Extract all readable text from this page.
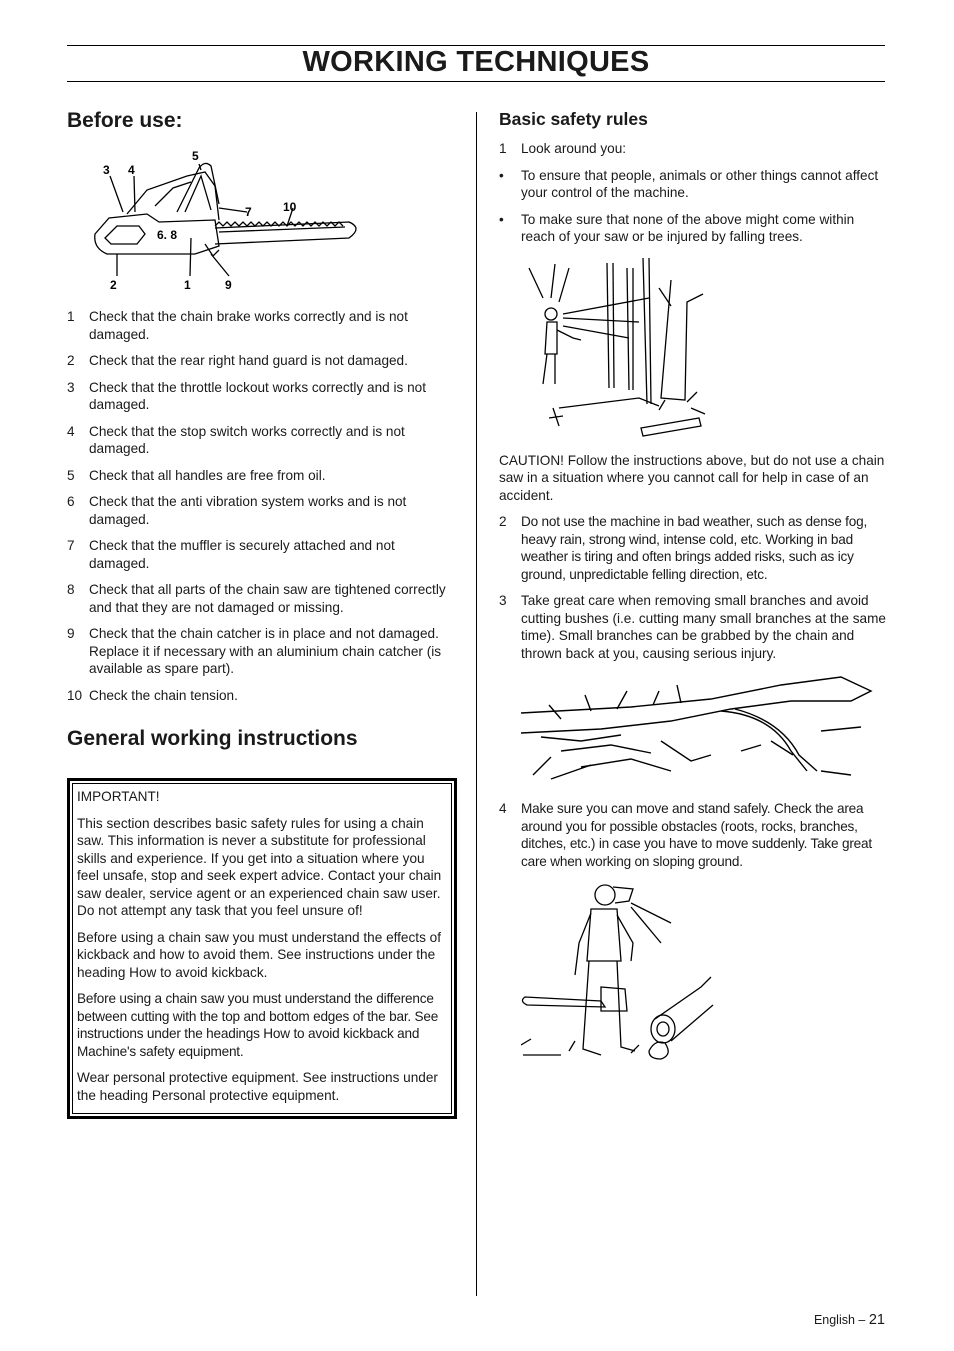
WORKING TECHNIQUES
Before use:
3 4
5
7	10
6. 8
2	1	9
1 Check that the chain brake works correctly and is not damaged.
2 Check that the rear right hand guard is not damaged.
3 Check that the throttle lockout works correctly and is not damaged.
4 Check that the stop switch works correctly and is not damaged.
5 Check that all handles are free from oil.
6 Check that the anti vibration system works and is not damaged.
7 Check that the muffler is securely attached and not damaged.
8 Check that all parts of the chain saw are tightened correctly and that they are not damaged or missing.
9 Check that the chain catcher is in place and not damaged. Replace it if necessary with an aluminium chain catcher (is available as spare part).
10 Check the chain tension.
General working instructions
IMPORTANT!
This section describes basic safety rules for using a chain saw. This information is never a substitute for professional skills and experience. If you get into a situation where you feel unsafe, stop and seek expert advice. Contact your chain saw dealer, service agent or an experienced chain saw user. Do not attempt any task that you feel unsure of!
Before using a chain saw you must understand the effects of kickback and how to avoid them. See instructions under the heading How to avoid kickback.
Before using a chain saw you must understand the difference between cutting with the top and bottom edges of the bar. See instructions under the headings How to avoid kickback and Machine's safety equipment.
Wear personal protective equipment. See instructions under the heading Personal protective equipment.
Basic safety rules
1 Look around you:
• To ensure that people, animals or other things cannot affect your control of the machine.
• To make sure that none of the above might come within reach of your saw or be injured by falling trees.
CAUTION! Follow the instructions above, but do not use a chain saw in a situation where you cannot call for help in case of an accident.
2 Do not use the machine in bad weather, such as dense fog, heavy rain, strong wind, intense cold, etc. Working in bad weather is tiring and often brings added risks, such as icy ground, unpredictable felling direction, etc.
3 Take great care when removing small branches and avoid cutting bushes (i.e. cutting many small branches at the same time). Small branches can be grabbed by the chain and thrown back at you, causing serious injury.
4 Make sure you can move and stand safely. Check the area around you for possible obstacles (roots, rocks, branches, ditches, etc.) in case you have to move suddenly. Take great care when working on sloping ground.
English – 21
